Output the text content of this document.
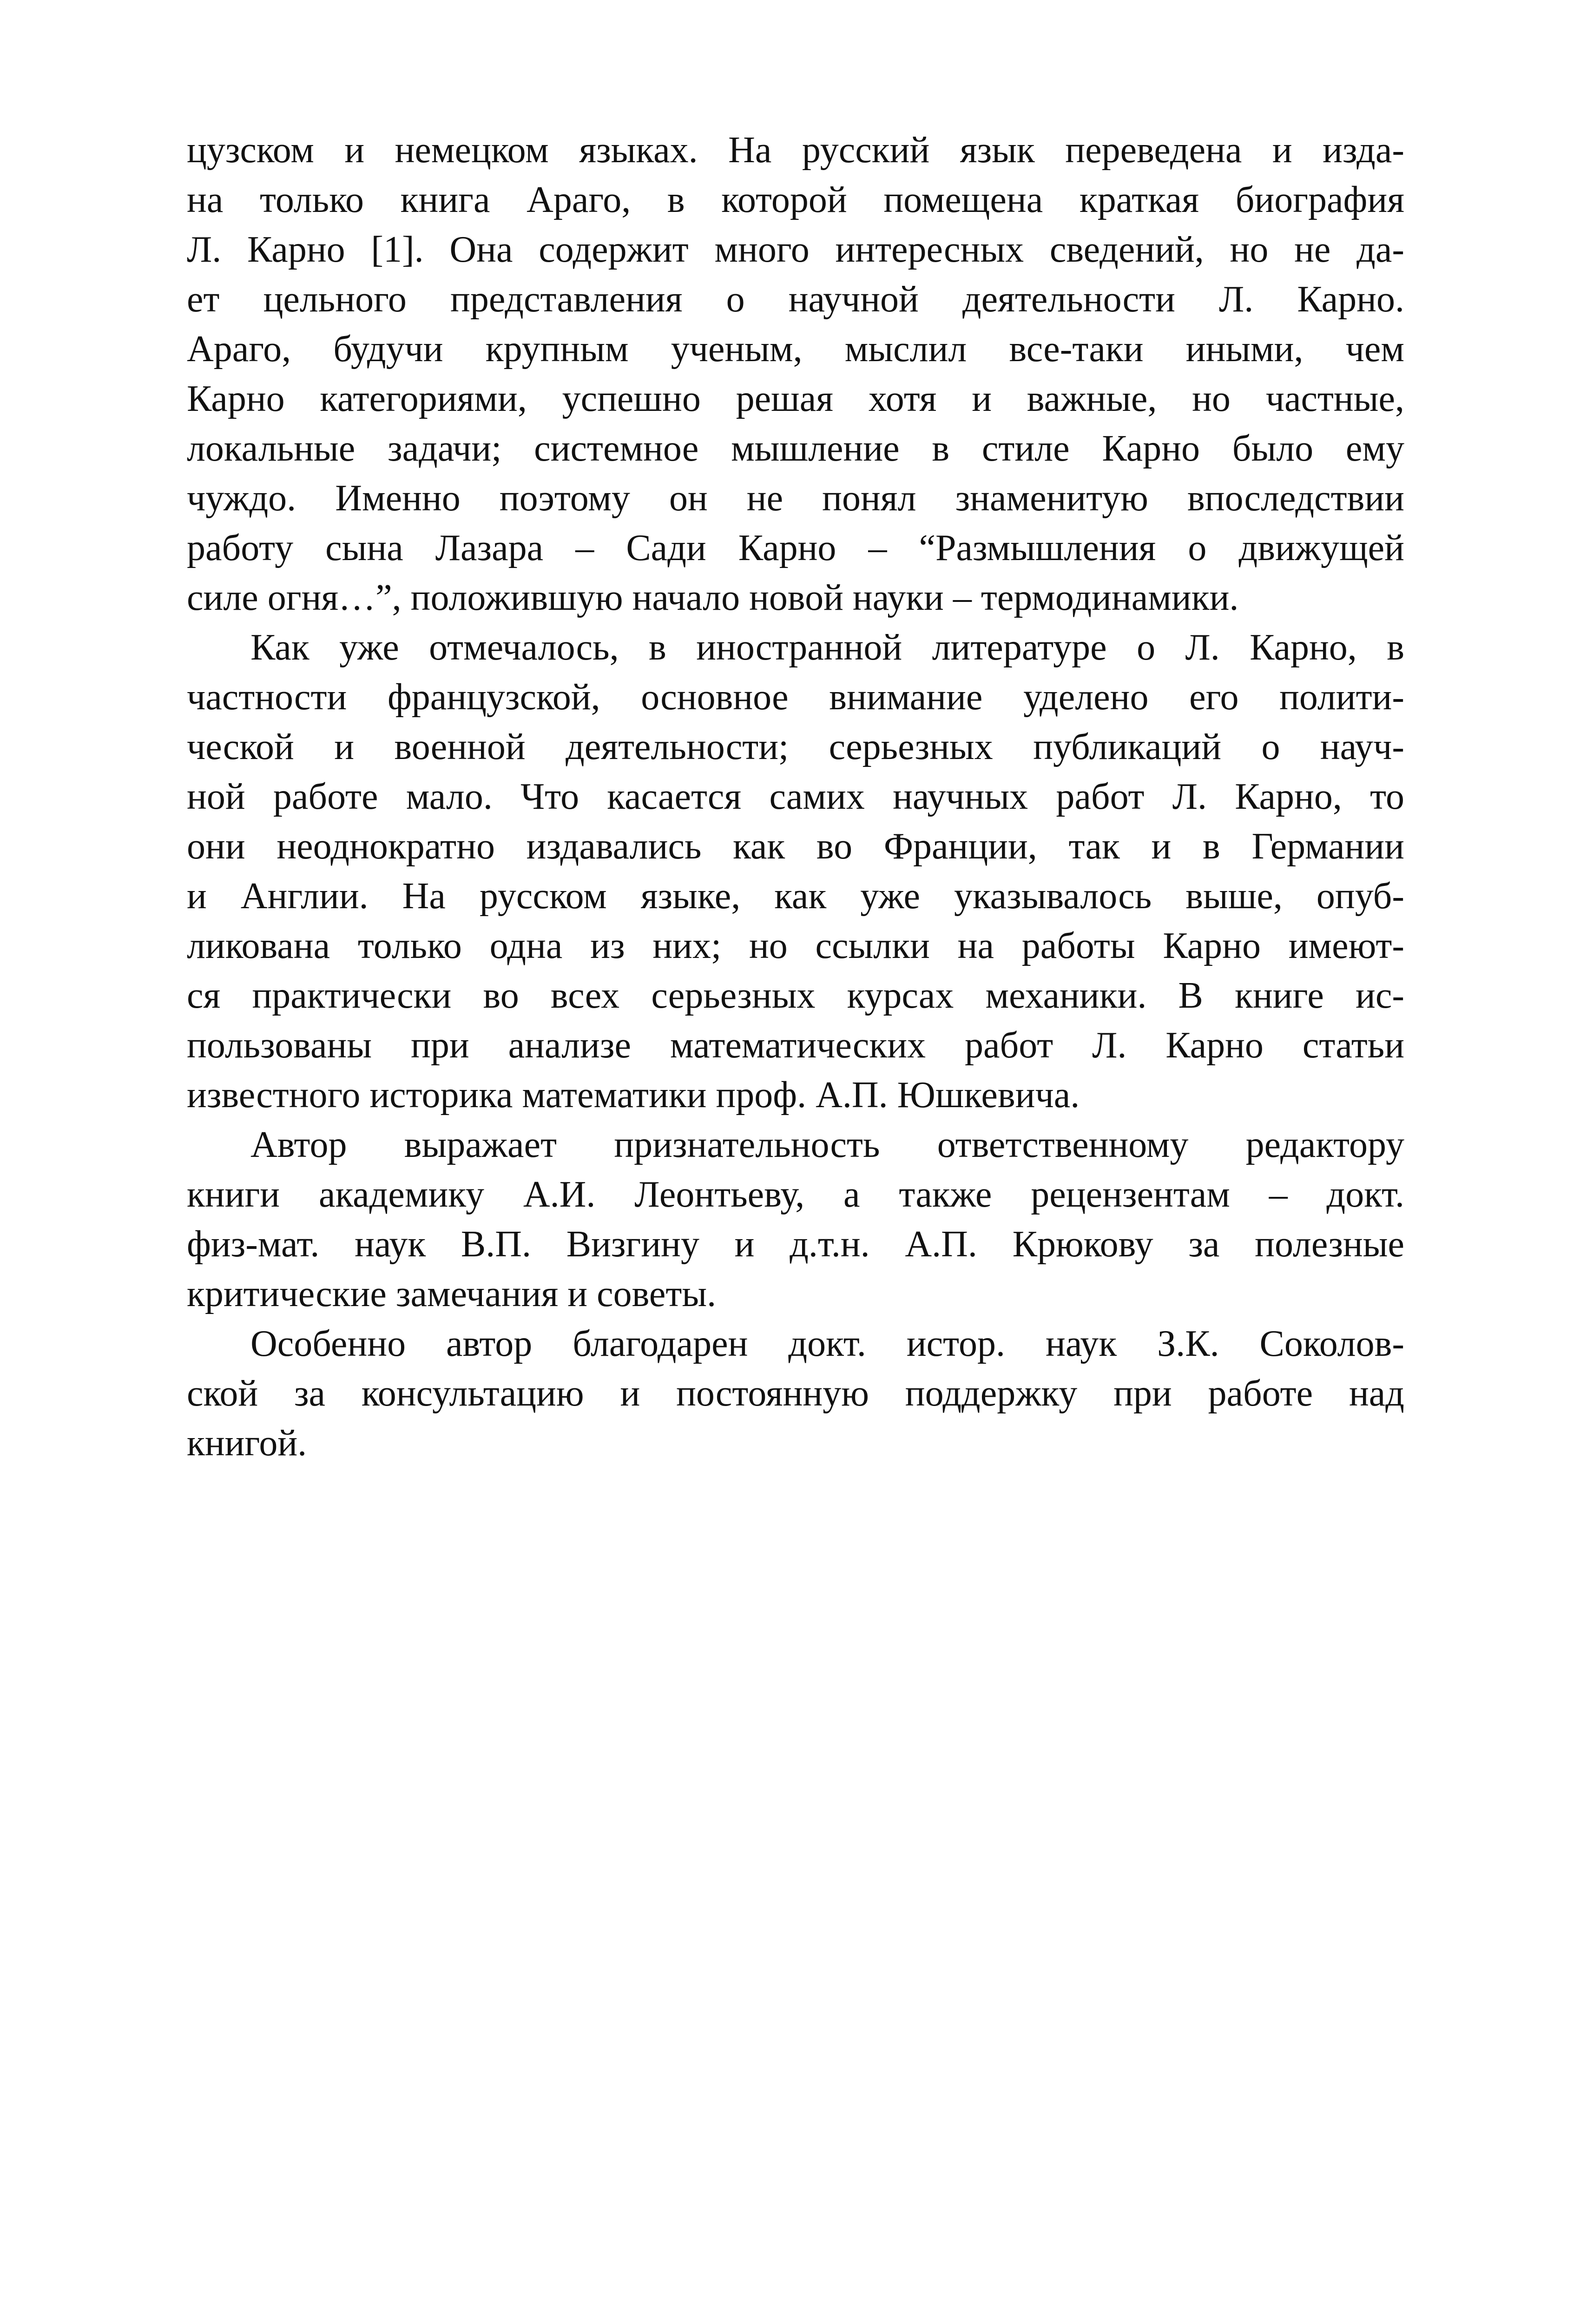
цузском и немецком языках. На русский язык переведена и изда-
на только книга Араго, в которой помещена краткая биография
Л. Карно [1]. Она содержит много интересных сведений, но не да-
ет цельного представления о научной деятельности Л. Карно.
Араго, будучи крупным ученым, мыслил все-таки иными, чем
Карно категориями, успешно решая хотя и важные, но частные,
локальные задачи; системное мышление в стиле Карно было ему
чуждо. Именно поэтому он не понял знаменитую впоследствии
работу сына Лазара – Сади Карно – “Размышления о движущей
силе огня…”, положившую начало новой науки – термодинамики.
Как уже отмечалось, в иностранной литературе о Л. Карно, в
частности французской, основное внимание уделено его полити-
ческой и военной деятельности; серьезных публикаций о науч-
ной работе мало. Что касается самих научных работ Л. Карно, то
они неоднократно издавались как во Франции, так и в Германии
и Англии. На русском языке, как уже указывалось выше, опуб-
ликована только одна из них; но ссылки на работы Карно имеют-
ся практически во всех серьезных курсах механики. В книге ис-
пользованы при анализе математических работ Л. Карно статьи
известного историка математики проф. А.П. Юшкевича.
Автор выражает признательность ответственному редактору
книги академику А.И. Леонтьеву, а также рецензентам – докт.
физ-мат. наук В.П. Визгину и д.т.н. А.П. Крюкову за полезные
критические замечания и советы.
Особенно автор благодарен докт. истор. наук З.К. Соколов-
ской за консультацию и постоянную поддержку при работе над
книгой.
